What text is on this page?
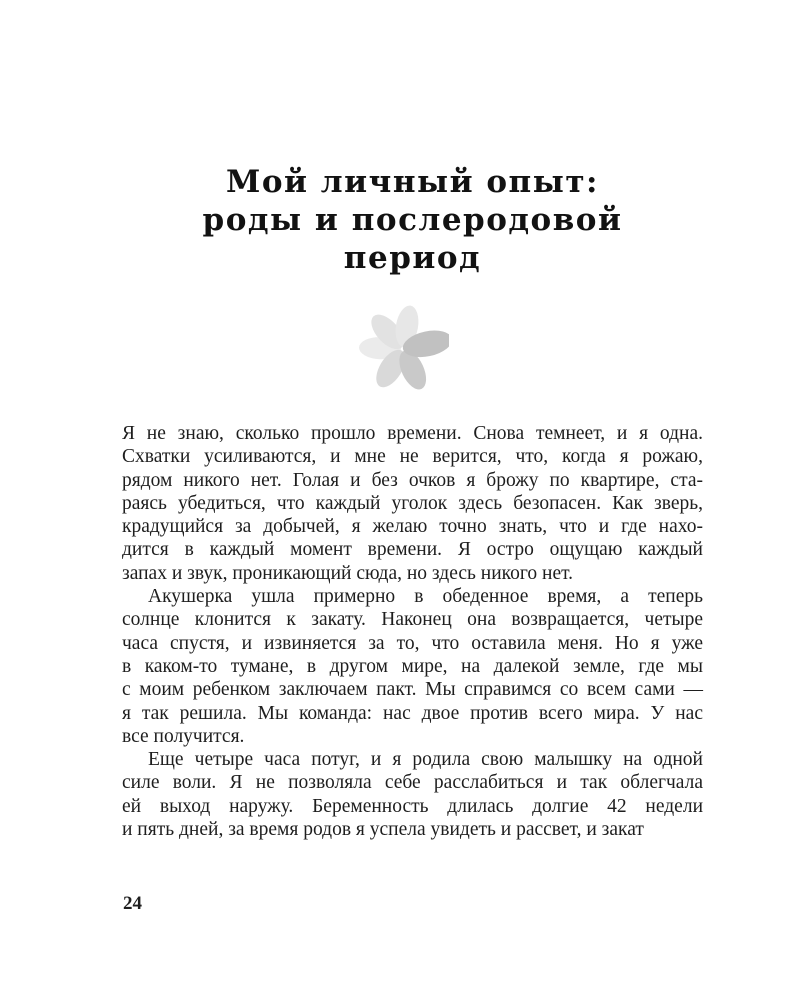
Мой личный опыт:
роды и послеродовой
период
Я не знаю, сколько прошло времени. Снова темнеет, и я одна.
Схватки усиливаются, и мне не верится, что, когда я рожаю,
рядом никого нет. Голая и без очков я брожу по квартире, ста-
раясь убедиться, что каждый уголок здесь безопасен. Как зверь,
крадущийся за добычей, я желаю точно знать, что и где нахо-
дится в каждый момент времени. Я остро ощущаю каждый
запах и звук, проникающий сюда, но здесь никого нет.
Акушерка ушла примерно в обеденное время, а теперь
солнце клонится к закату. Наконец она возвращается, четыре
часа спустя, и извиняется за то, что оставила меня. Но я уже
в каком-то тумане, в другом мире, на далекой земле, где мы
с моим ребенком заключаем пакт. Мы справимся со всем сами —
я так решила. Мы команда: нас двое против всего мира. У нас
все получится.
Еще четыре часа потуг, и я родила свою малышку на одной
силе воли. Я не позволяла себе расслабиться и так облегчала
ей выход наружу. Беременность длилась долгие 42 недели
и пять дней, за время родов я успела увидеть и рассвет, и закат
24
